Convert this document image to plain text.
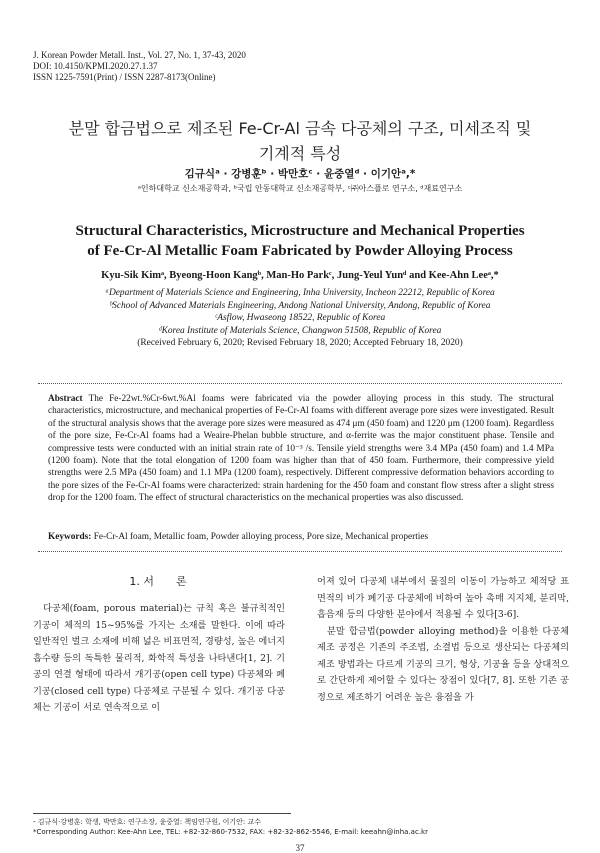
J. Korean Powder Metall. Inst., Vol. 27, No. 1, 37-43, 2020
DOI: 10.4150/KPMI.2020.27.1.37
ISSN 1225-7591(Print) / ISSN 2287-8173(Online)
분말 합금법으로 제조된 Fe-Cr-Al 금속 다공체의 구조, 미세조직 및
기계적 특성
김규식ᵃ · 강병훈ᵇ · 박만호ᶜ · 윤중열ᵈ · 이기안ᵃ,*
ᵃ인하대학교 신소재공학과, ᵇ국립 안동대학교 신소재공학부, ᶜ㈜아스플로 연구소, ᵈ재료연구소
Structural Characteristics, Microstructure and Mechanical Properties
of Fe-Cr-Al Metallic Foam Fabricated by Powder Alloying Process
Kyu-Sik Kimᵃ, Byeong-Hoon Kangᵇ, Man-Ho Parkᶜ, Jung-Yeul Yunᵈ and Kee-Ahn Leeᵃ,*
ᵃDepartment of Materials Science and Engineering, Inha University, Incheon 22212, Republic of Korea
ᵇSchool of Advanced Materials Engineering, Andong National University, Andong, Republic of Korea
ᶜAsflow, Hwaseong 18522, Republic of Korea
ᵈKorea Institute of Materials Science, Changwon 51508, Republic of Korea
(Received February 6, 2020; Revised February 18, 2020; Accepted February 18, 2020)
Abstract The Fe-22wt.%Cr-6wt.%Al foams were fabricated via the powder alloying process in this study. The structural characteristics, microstructure, and mechanical properties of Fe-Cr-Al foams with different average pore sizes were investigated. Result of the structural analysis shows that the average pore sizes were measured as 474 μm (450 foam) and 1220 μm (1200 foam). Regardless of the pore size, Fe-Cr-Al foams had a Weaire-Phelan bubble structure, and α-ferrite was the major constituent phase. Tensile and compressive tests were conducted with an initial strain rate of 10⁻³ /s. Tensile yield strengths were 3.4 MPa (450 foam) and 1.4 MPa (1200 foam). Note that the total elongation of 1200 foam was higher than that of 450 foam. Furthermore, their compressive yield strengths were 2.5 MPa (450 foam) and 1.1 MPa (1200 foam), respectively. Different compressive deformation behaviors according to the pore sizes of the Fe-Cr-Al foams were characterized: strain hardening for the 450 foam and constant flow stress after a slight stress drop for the 1200 foam. The effect of structural characteristics on the mechanical properties was also discussed.
Keywords: Fe-Cr-Al foam, Metallic foam, Powder alloying process, Pore size, Mechanical properties
1. 서　　론

다공체(foam, porous material)는 규칙 혹은 불규칙적인 기공이 체적의 15~95%를 가지는 소재를 말한다. 이에 따라 일반적인 벌크 소재에 비해 넓은 비표면적, 경량성, 높은 에너지 흡수량 등의 독특한 물리적, 화학적 특성을 나타낸다[1, 2]. 기공의 연결 형태에 따라서 개기공(open cell type) 다공체와 폐기공(closed cell type) 다공체로 구분될 수 있다. 개기공 다공체는 기공이 서로 연속적으로 이

어져 있어 다공체 내부에서 물질의 이동이 가능하고 체적당 표면적의 비가 폐기공 다공체에 비하여 높아 촉매 지지체, 분리막, 흡음재 등의 다양한 분야에서 적용될 수 있다[3-6].

분말 합금법(powder alloying method)을 이용한 다공체 제조 공정은 기존의 주조법, 소결법 등으로 생산되는 다공체의 제조 방법과는 다르게 기공의 크기, 형상, 기공율 등을 상대적으로 간단하게 제어할 수 있다는 장점이 있다[7, 8]. 또한 기존 공정으로 제조하기 어려운 높은 융점을 가

- 김규식·강병훈: 학생, 박만호: 연구소장, 윤중열: 책임연구원, 이기안: 교수
*Corresponding Author: Kee-Ahn Lee, TEL: +82-32-860-7532, FAX: +82-32-862-5546, E-mail: keeahn@inha.ac.kr
37
